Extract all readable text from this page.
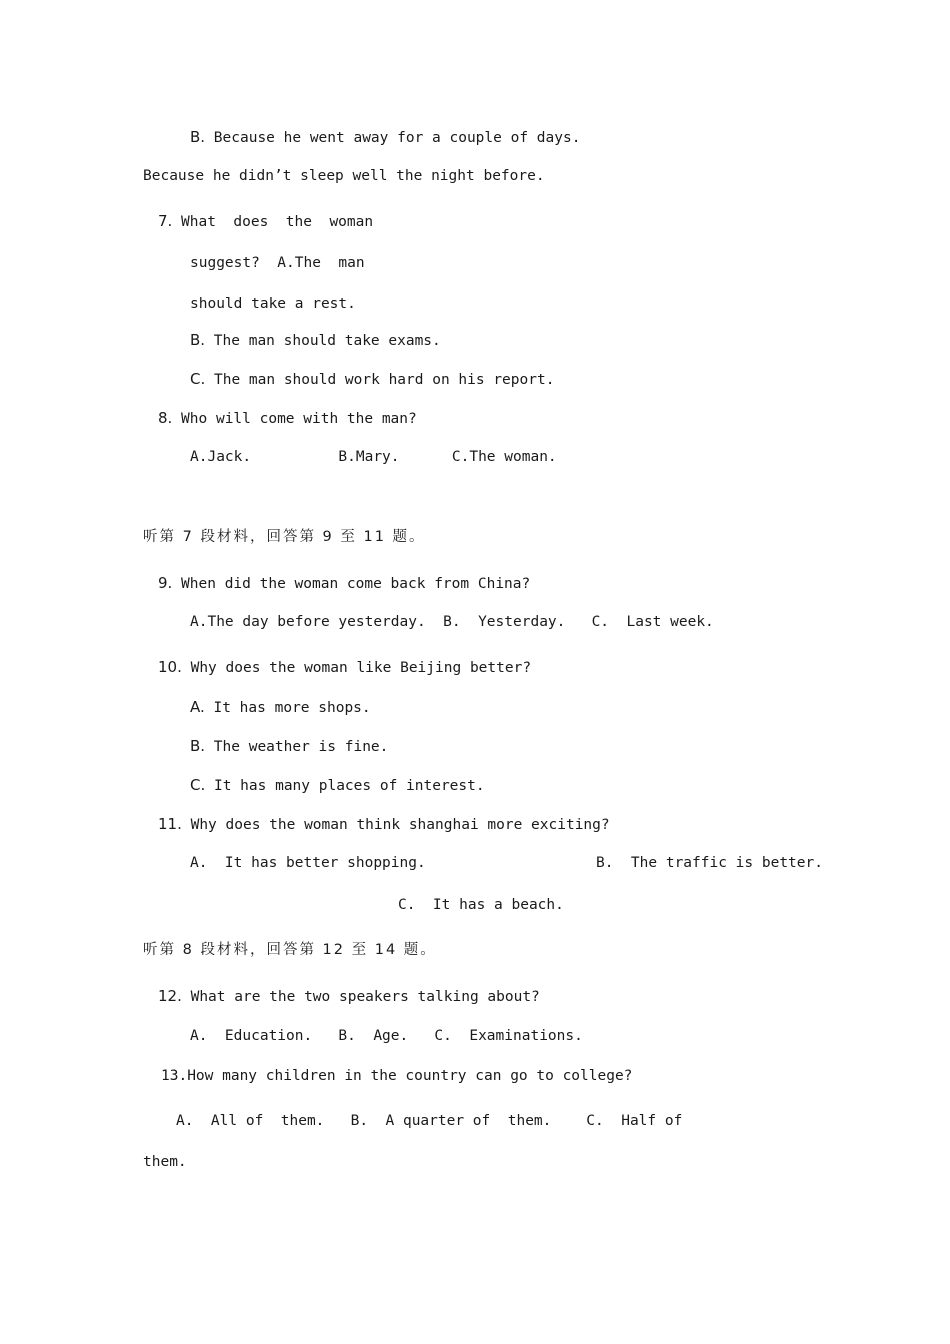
B. Because he went away for a couple of days.
Because he didn’t sleep well the night before.
7. What  does  the  woman
suggest?  A.The  man
should take a rest.
B. The man should take exams.
C. The man should work hard on his report.
8. Who will come with the man?
A.Jack.          B.Mary.      C.The woman.
听第 7 段材料，回答第 9 至 11 题。
9. When did the woman come back from China?
A.The day before yesterday.  B.  Yesterday.   C.  Last week.
10. Why does the woman like Beijing better?
A. It has more shops.
B. The weather is fine.
C. It has many places of interest.
11. Why does the woman think shanghai more exciting?
A.  It has better shopping.	B.  The traffic is better.
C.  It has a beach.
听第 8 段材料，回答第 12 至 14 题。
12. What are the two speakers talking about?
A.  Education.   B.  Age.   C.  Examinations.
13.How many children in the country can go to college?
A.  All of  them.   B.  A quarter of  them.    C.  Half of
them.
